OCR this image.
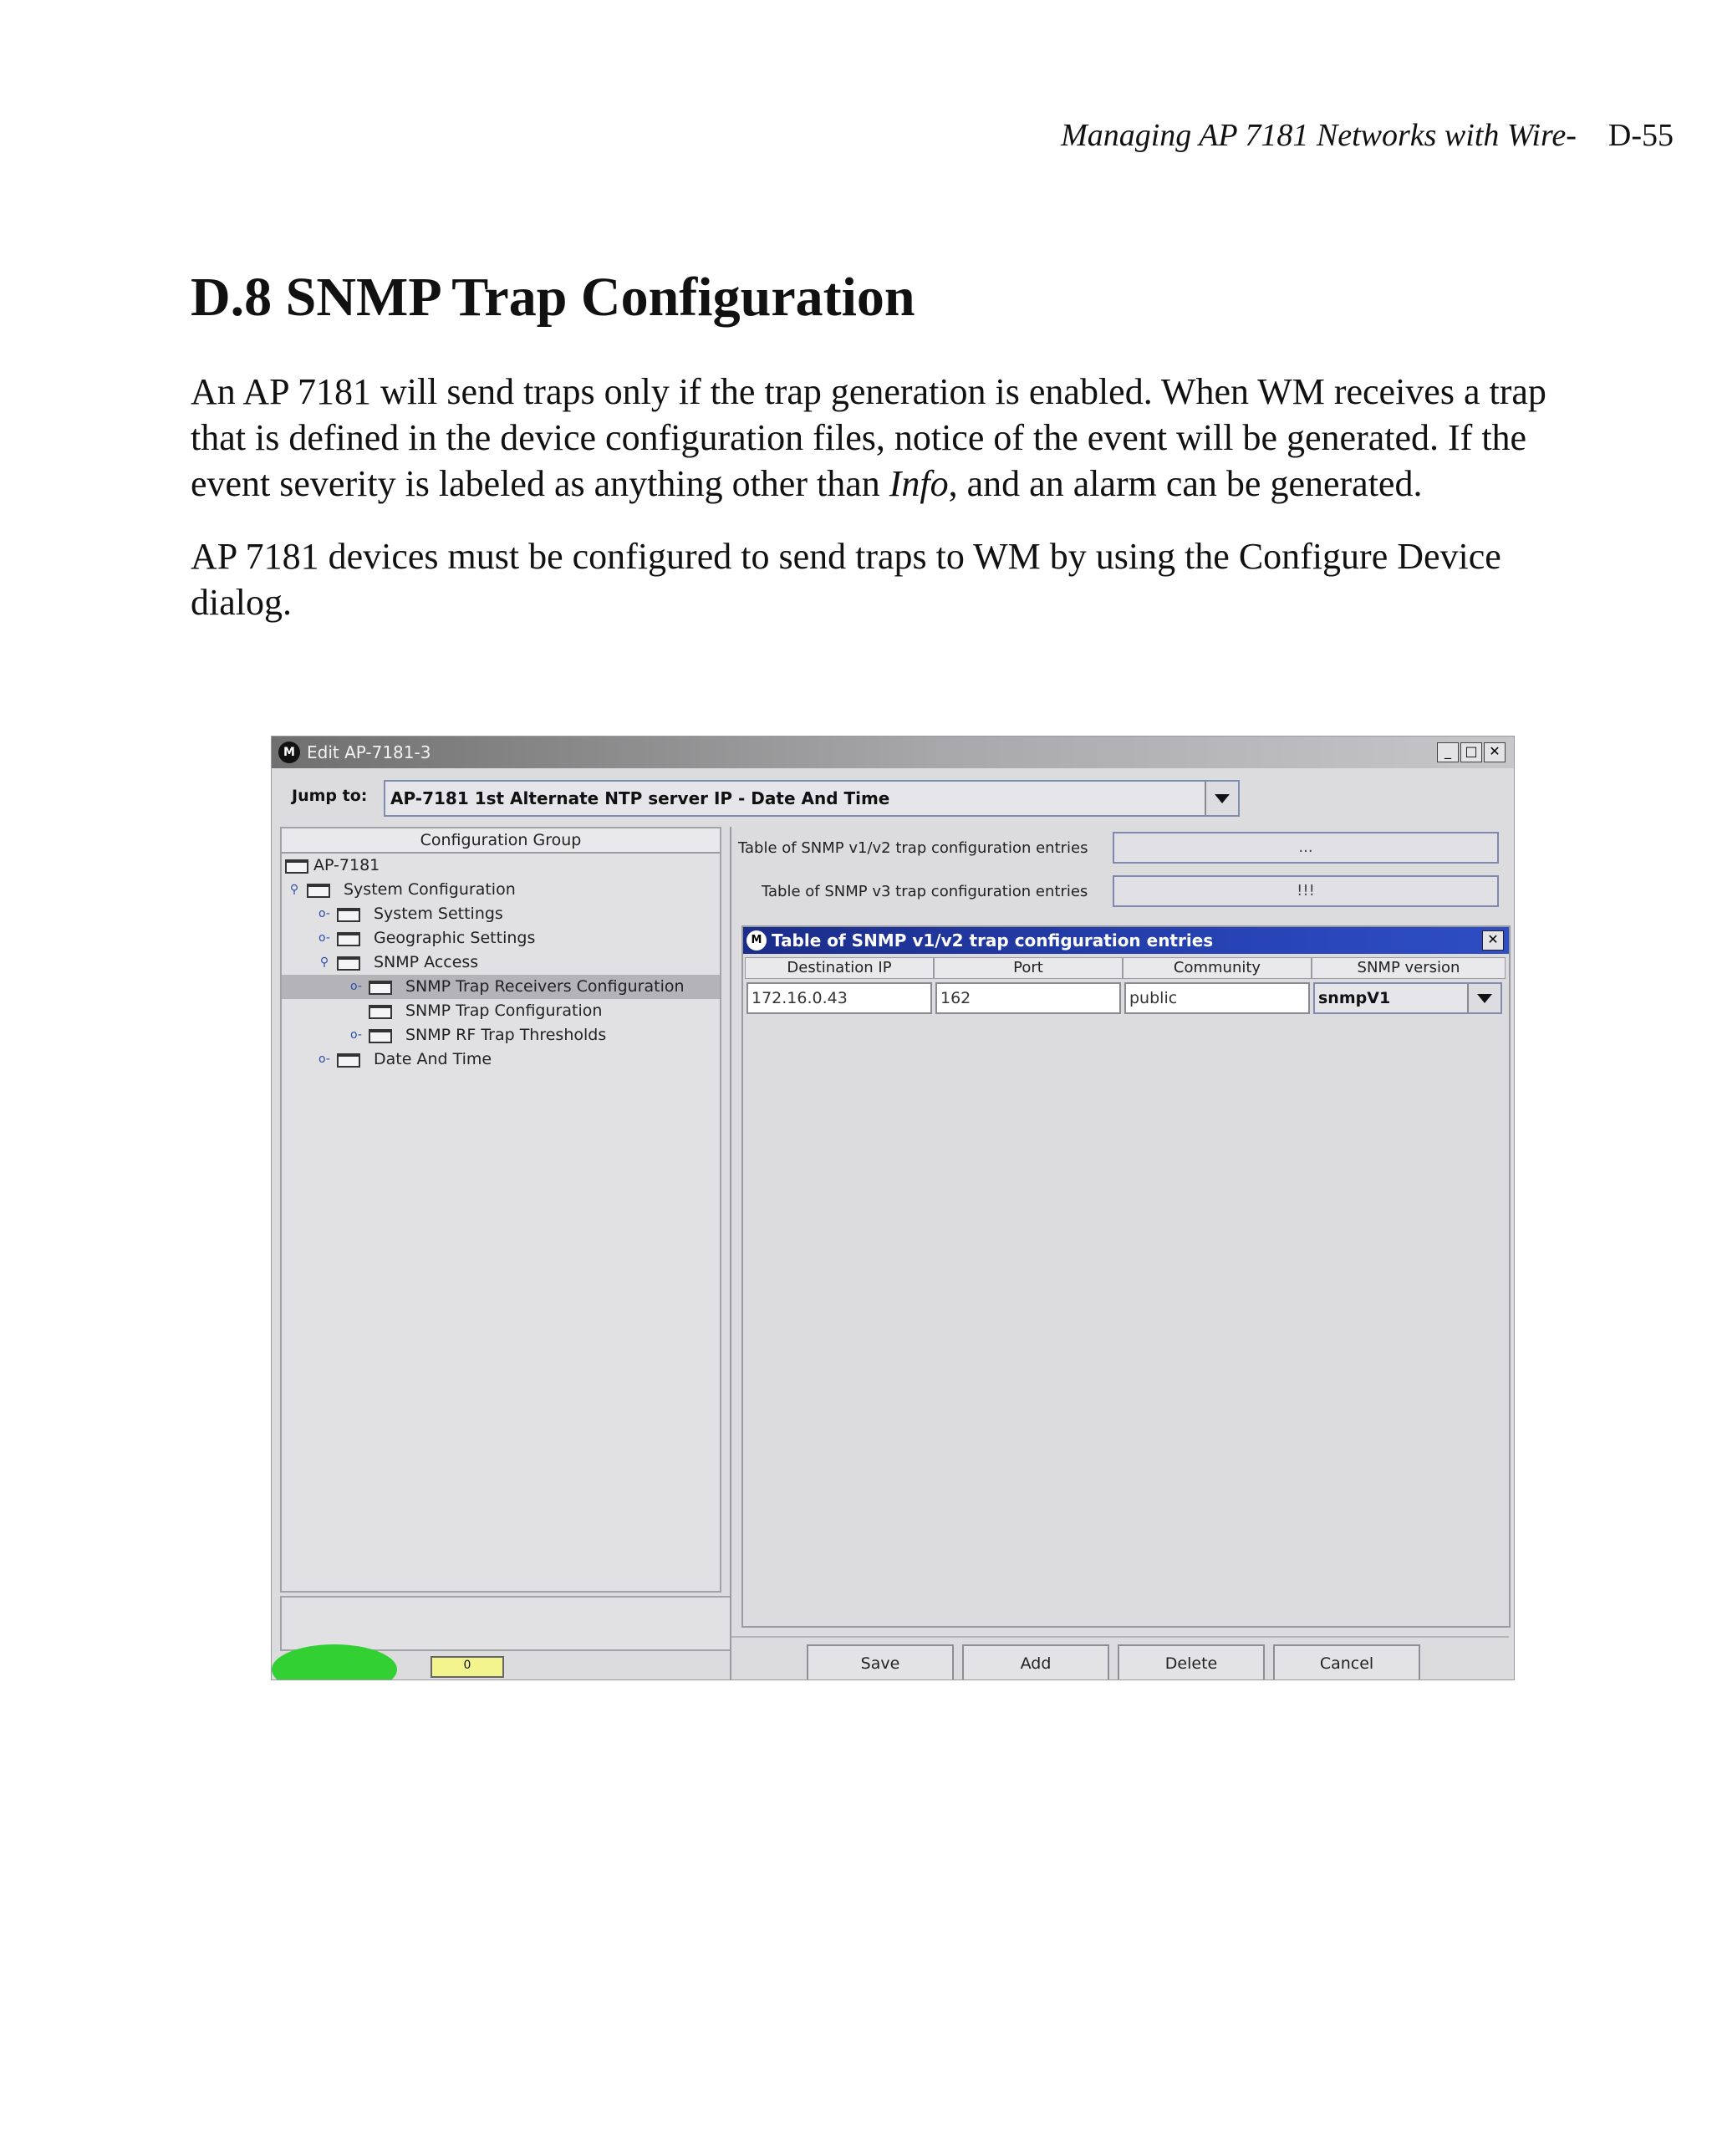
Managing AP 7181 Networks with Wire- D-55
D.8 SNMP Trap Configuration

An AP 7181 will send traps only if the trap generation is enabled. When WM receives a trap that is defined in the device configuration files, notice of the event will be generated. If the event severity is labeled as anything other than Info, and an alarm can be generated.

AP 7181 devices must be configured to send traps to WM by using the Configure Device dialog.

M Edit AP-7181-3	_	□ ✕
Jump to: AP-7181 1st Alternate NTP server IP - Date And Time
Configuration Group
AP-7181
⚲	System Configuration
o-	System Settings
o-	Geographic Settings
⚲	SNMP Access
o-	SNMP Trap Receivers Configuration
SNMP Trap Configuration
o-	SNMP RF Trap Thresholds
o-	Date And Time
Table of SNMP v1/v2 trap configuration entries	...
Table of SNMP v3 trap configuration entries	!!!
M Table of SNMP v1/v2 trap configuration entries	✕
Destination IP	Port	Community	SNMP version
172.16.0.43	162	public	snmpV1
Save	Add	Delete	Cancel
0
